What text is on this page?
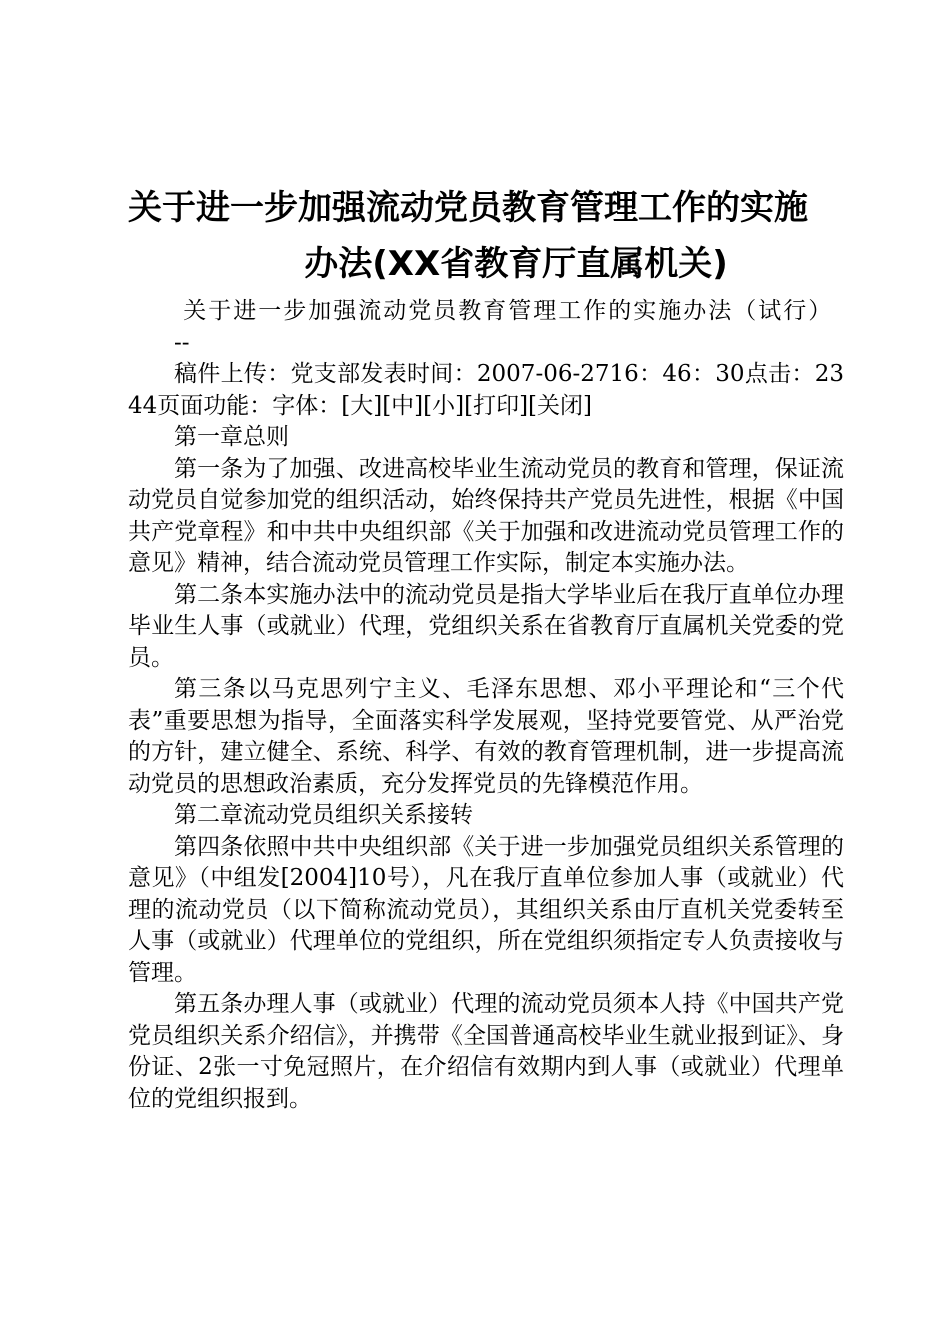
关于进一步加强流动党员教育管理工作的实施
办法(XX省教育厅直属机关)

关于进一步加强流动党员教育管理工作的实施办法（试行）

--

稿件上传：党支部发表时间：2007-06-2716：46：30点击：2344页面功能：字体：[大][中][小][打印][关闭]

第一章总则

第一条为了加强、改进高校毕业生流动党员的教育和管理，保证流动党员自觉参加党的组织活动，始终保持共产党员先进性，根据《中国共产党章程》和中共中央组织部《关于加强和改进流动党员管理工作的意见》精神，结合流动党员管理工作实际，制定本实施办法。

第二条本实施办法中的流动党员是指大学毕业后在我厅直单位办理毕业生人事（或就业）代理，党组织关系在省教育厅直属机关党委的党员。

第三条以马克思列宁主义、毛泽东思想、邓小平理论和“三个代表”重要思想为指导，全面落实科学发展观，坚持党要管党、从严治党的方针，建立健全、系统、科学、有效的教育管理机制，进一步提高流动党员的思想政治素质，充分发挥党员的先锋模范作用。

第二章流动党员组织关系接转

第四条依照中共中央组织部《关于进一步加强党员组织关系管理的意见》（中组发[2004]10号），凡在我厅直单位参加人事（或就业）代理的流动党员（以下简称流动党员），其组织关系由厅直机关党委转至人事（或就业）代理单位的党组织，所在党组织须指定专人负责接收与管理。

第五条办理人事（或就业）代理的流动党员须本人持《中国共产党党员组织关系介绍信》，并携带《全国普通高校毕业生就业报到证》、身份证、2张一寸免冠照片，在介绍信有效期内到人事（或就业）代理单位的党组织报到。
